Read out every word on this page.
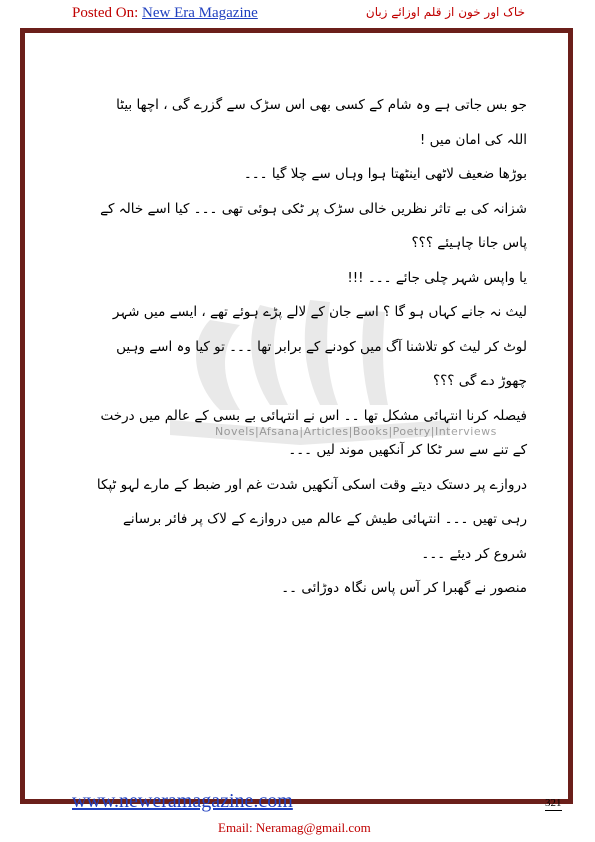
Posted On: New Era Magazine	خاک اور خون از قلم اوزائے زبان
Novels|Afsana|Articles|Books|Poetry|Interviews

جو بس جاتی ہے وہ شام کے کسی بھی اس سڑک سے گزرے گی ، اچھا بیٹا اللہ کی امان میں !

بوڑھا ضعیف لاٹھی اینٹھتا ہوا وہاں سے چلا گیا ۔۔۔

شزانہ کی بے تاثر نظریں خالی سڑک پر ٹکی ہوئی تھی ۔۔۔ کیا اسے خالہ کے پاس جانا چاہیئے ؟؟؟

یا واپس شہر چلی جائے ۔۔۔ !!!

لیث نہ جانے کہاں ہو گا ؟ اسے جان کے لالے پڑے ہوئے تھے ، ایسے میں شہر لوٹ کر لیث کو تلاشنا آگ میں کودنے کے برابر تھا ۔۔۔ تو کیا وہ اسے وہیں چھوڑ دے گی ؟؟؟

فیصلہ کرنا انتہائی مشکل تھا ۔۔ اس نے انتہائی بے بسی کے عالم میں درخت کے تنے سے سر ٹکا کر آنکھیں موند لیں ۔۔۔

دروازے پر دستک دیتے وقت اسکی آنکھیں شدت غم اور ضبط کے مارے لہو ٹپکا رہی تھیں ۔۔۔ انتہائی طیش کے عالم میں دروازے کے لاک پر فائر برسانے شروع کر دیئے ۔۔۔

منصور نے گھبرا کر آس پاس نگاہ دوڑائی ۔۔

www.neweramagazine.com	321
Email: Neramag@gmail.com
